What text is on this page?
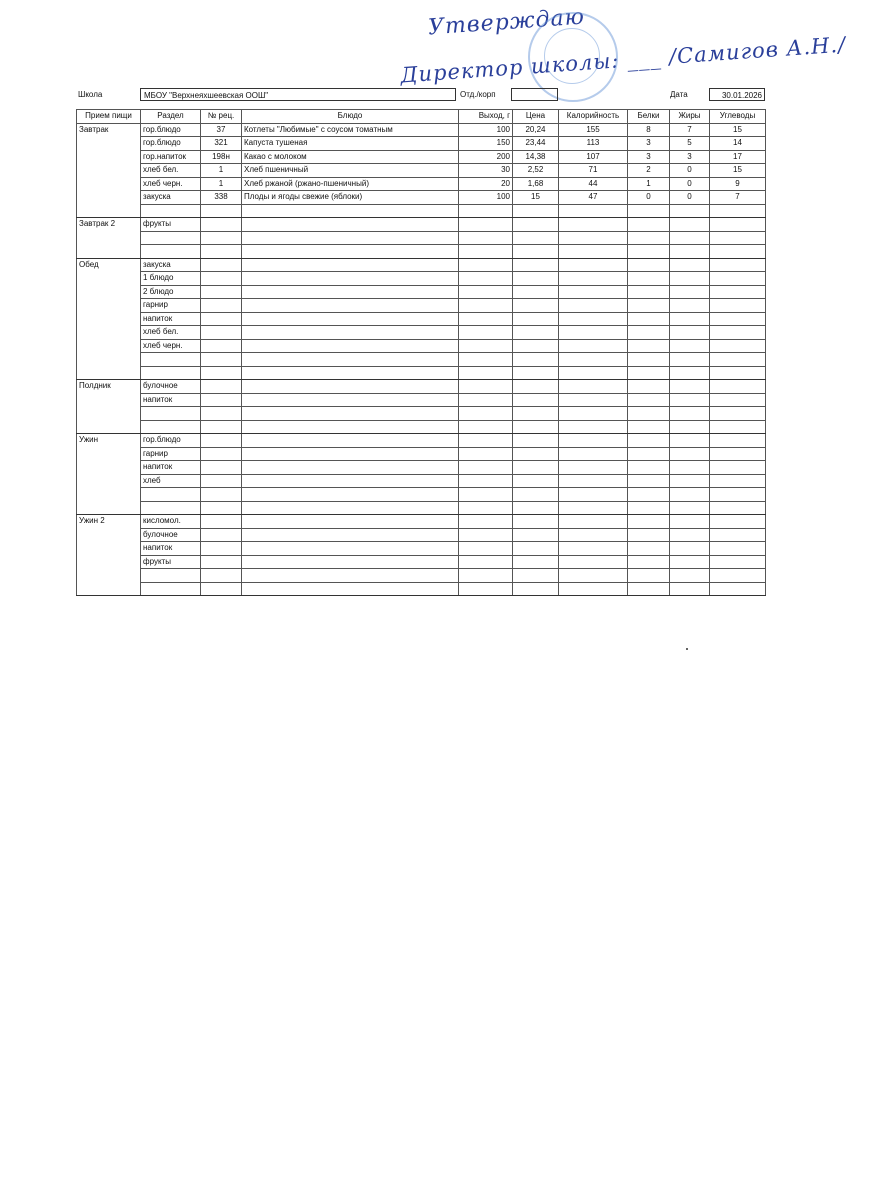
Утверждаю
Директор школы: ___ /Самигов А.Н./
Школа	МБОУ "Верхнеяхшеевская ООШ"	Отд./корп	Дата	30.01.2026
Прием пищи	Раздел	№ рец.	Блюдо	Выход, г	Цена	Калорийность	Белки	Жиры	Углеводы
Завтрак	гор.блюдо	37	Котлеты "Любимые" с соусом томатным	100	20,24	155	8	7	15
	гор.блюдо	321	Капуста тушеная	150	23,44	113	3	5	14
	гор.напиток	198н	Какао с молоком	200	14,38	107	3	3	17
	хлеб бел.	1	Хлеб пшеничный	30	2,52	71	2	0	15
	хлеб черн.	1	Хлеб ржаной (ржано-пшеничный)	20	1,68	44	1	0	9
	закуска	338	Плоды и ягоды свежие (яблоки)	100	15	47	0	0	7

Завтрак 2	фрукты								

Обед	закуска								
	1 блюдо								
	2 блюдо								
	гарнир								
	напиток								
	хлеб бел.								
	хлеб черн.								

Полдник	булочное								
	напиток								

Ужин	гор.блюдо								
	гарнир								
	напиток								
	хлеб								

Ужин 2	кисломол.								
	булочное								
	напиток								
	фрукты								
